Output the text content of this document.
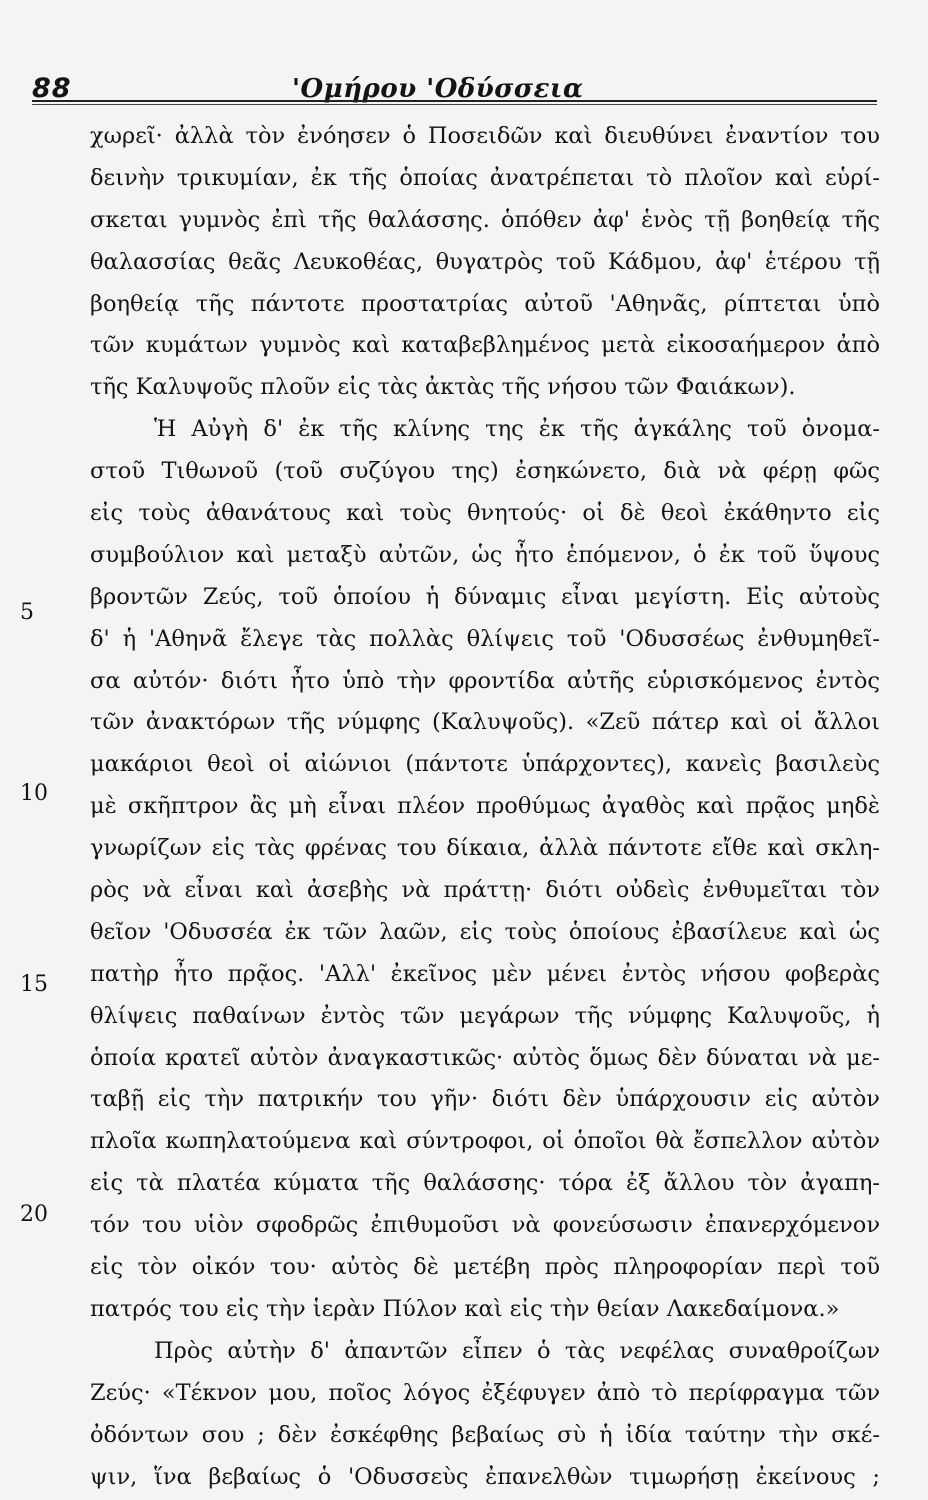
88	'Ομήρου 'Οδύσσεια
5
10
15
20
χωρεῖ· ἀλλὰ τὸν ἐνόησεν ὁ Ποσειδῶν καὶ διευθύνει ἐναντίον του
δεινὴν τρικυμίαν, ἐκ τῆς ὁποίας ἀνατρέπεται τὸ πλοῖον καὶ εὑρί-
σκεται γυμνὸς ἐπὶ τῆς θαλάσσης. ὁπόθεν ἀφ' ἑνὸς τῇ βοηθείᾳ τῆς
θαλασσίας θεᾶς Λευκοθέας, θυγατρὸς τοῦ Κάδμου, ἀφ' ἑτέρου τῇ
βοηθείᾳ τῆς πάντοτε προστατρίας αὐτοῦ 'Αθηνᾶς, ρίπτεται ὑπὸ
τῶν κυμάτων γυμνὸς καὶ καταβεβλημένος μετὰ εἰκοσαήμερον ἀπὸ
τῆς Καλυψοῦς πλοῦν εἰς τὰς ἀκτὰς τῆς νήσου τῶν Φαιάκων).
Ἡ Αὐγὴ δ' ἐκ τῆς κλίνης της ἐκ τῆς ἀγκάλης τοῦ ὀνομα-
στοῦ Τιθωνοῦ (τοῦ συζύγου της) ἐσηκώνετο, διὰ νὰ φέρῃ φῶς
εἰς τοὺς ἀθανάτους καὶ τοὺς θνητούς· οἱ δὲ θεοὶ ἐκάθηντο εἰς
συμβούλιον καὶ μεταξὺ αὐτῶν, ὡς ἦτο ἑπόμενον, ὁ ἐκ τοῦ ὕψους
βροντῶν Ζεύς, τοῦ ὁποίου ἡ δύναμις εἶναι μεγίστη. Εἰς αὐτοὺς
δ' ἡ 'Αθηνᾶ ἔλεγε τὰς πολλὰς θλίψεις τοῦ 'Οδυσσέως ἐνθυμηθεῖ-
σα αὐτόν· διότι ἦτο ὑπὸ τὴν φροντίδα αὐτῆς εὑρισκόμενος ἐντὸς
τῶν ἀνακτόρων τῆς νύμφης (Καλυψοῦς). «Ζεῦ πάτερ καὶ οἱ ἄλλοι
μακάριοι θεοὶ οἱ αἰώνιοι (πάντοτε ὑπάρχοντες), κανεὶς βασιλεὺς
μὲ σκῆπτρον ἂς μὴ εἶναι πλέον προθύμως ἀγαθὸς καὶ πρᾷος μηδὲ
γνωρίζων εἰς τὰς φρένας του δίκαια, ἀλλὰ πάντοτε εἴθε καὶ σκλη-
ρὸς νὰ εἶναι καὶ ἀσεβὴς νὰ πράττῃ· διότι οὐδεὶς ἐνθυμεῖται τὸν
θεῖον 'Οδυσσέα ἐκ τῶν λαῶν, εἰς τοὺς ὁποίους ἐβασίλευε καὶ ὡς
πατὴρ ἦτο πρᾷος. 'Αλλ' ἐκεῖνος μὲν μένει ἐντὸς νήσου φοβερὰς
θλίψεις παθαίνων ἐντὸς τῶν μεγάρων τῆς νύμφης Καλυψοῦς, ἡ
ὁποία κρατεῖ αὐτὸν ἀναγκαστικῶς· αὐτὸς ὅμως δὲν δύναται νὰ με-
ταβῇ εἰς τὴν πατρικήν του γῆν· διότι δὲν ὑπάρχουσιν εἰς αὐτὸν
πλοῖα κωπηλατούμενα καὶ σύντροφοι, οἱ ὁποῖοι θὰ ἔσπελλον αὐτὸν
εἰς τὰ πλατέα κύματα τῆς θαλάσσης· τόρα ἐξ ἄλλου τὸν ἀγαπη-
τόν του υἱὸν σφοδρῶς ἐπιθυμοῦσι νὰ φονεύσωσιν ἐπανερχόμενον
εἰς τὸν οἰκόν του· αὐτὸς δὲ μετέβη πρὸς πληροφορίαν περὶ τοῦ
πατρός του εἰς τὴν ἱερὰν Πύλον καὶ εἰς τὴν θείαν Λακεδαίμονα.»
Πρὸς αὐτὴν δ' ἀπαντῶν εἶπεν ὁ τὰς νεφέλας συναθροίζων
Ζεύς· «Τέκνον μου, ποῖος λόγος ἐξέφυγεν ἀπὸ τὸ περίφραγμα τῶν
ὀδόντων σου ; δὲν ἐσκέφθης βεβαίως σὺ ἡ ἰδία ταύτην τὴν σκέ-
ψιν, ἵνα βεβαίως ὁ 'Οδυσσεὺς ἐπανελθὼν τιμωρήσῃ ἐκείνους ;
